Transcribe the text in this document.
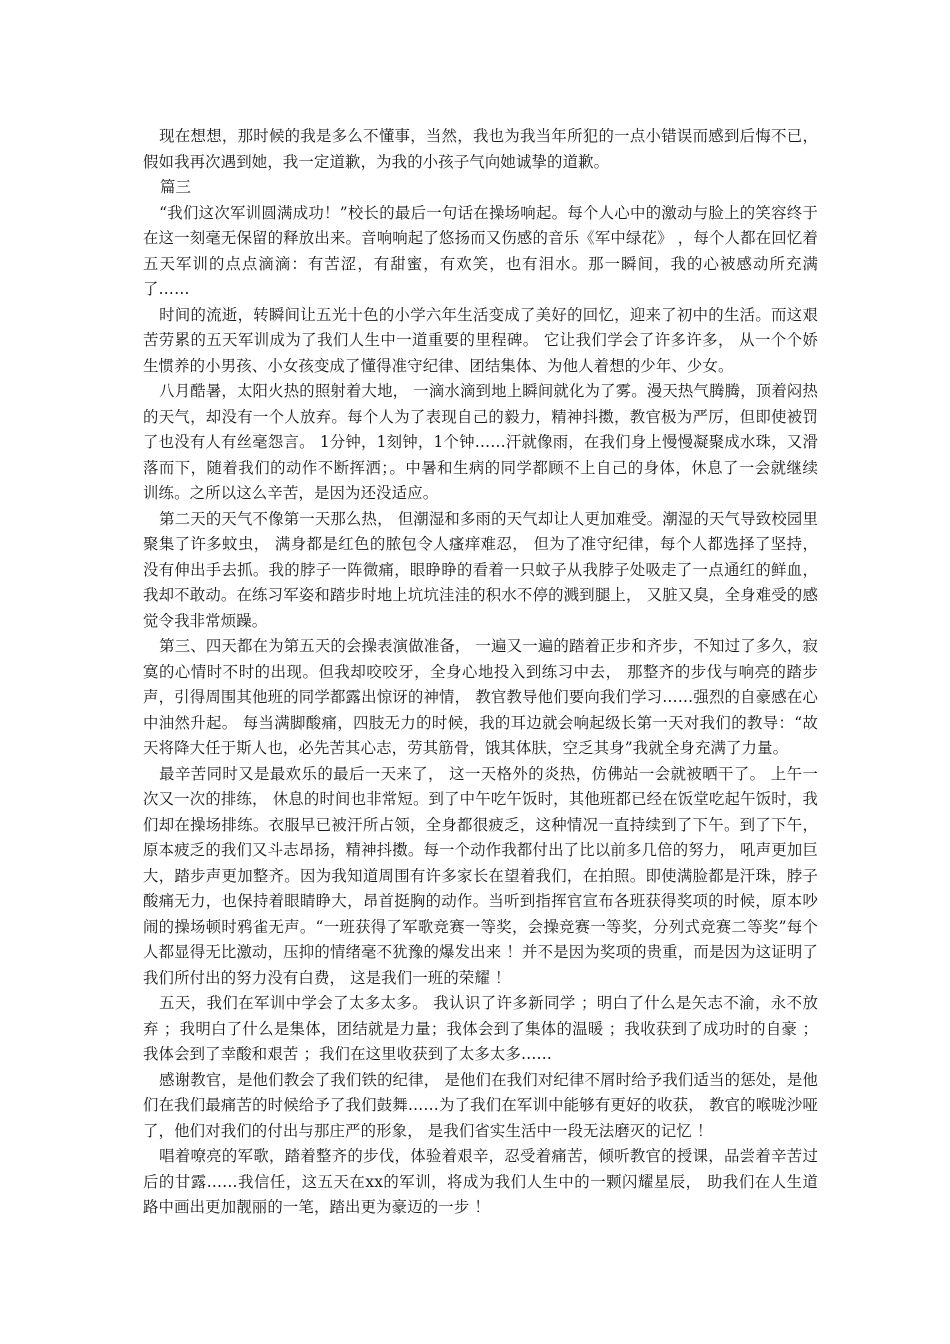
现在想想，那时候的我是多么不懂事，当然，我也为我当年所犯的一点小错误而感到后悔不已，假如我再次遇到她，我一定道歉，为我的小孩子气向她诚挚的道歉。

篇三

“我们这次军训圆满成功！”校长的最后一句话在操场响起。每个人心中的激动与脸上的笑容终于在这一刻毫无保留的释放出来。音响响起了悠扬而又伤感的音乐《军中绿花》 ，每个人都在回忆着五天军训的点点滴滴：有苦涩，有甜蜜，有欢笑，也有泪水。那一瞬间，我的心被感动所充满了……

时间的流逝，转瞬间让五光十色的小学六年生活变成了美好的回忆，迎来了初中的生活。而这艰苦劳累的五天军训成为了我们人生中一道重要的里程碑。 它让我们学会了许多许多， 从一个个娇生惯养的小男孩、小女孩变成了懂得准守纪律、团结集体、为他人着想的少年、少女。

八月酷暑，太阳火热的照射着大地， 一滴水滴到地上瞬间就化为了雾。漫天热气腾腾，顶着闷热的天气，却没有一个人放弃。每个人为了表现自己的毅力，精神抖擞，教官极为严厉，但即使被罚了也没有人有丝毫怨言。 1分钟，1刻钟，1个钟……汗就像雨，在我们身上慢慢凝聚成水珠，又滑落而下，随着我们的动作不断挥洒；。中暑和生病的同学都顾不上自己的身体，休息了一会就继续训练。之所以这么辛苦，是因为还没适应。

第二天的天气不像第一天那么热， 但潮湿和多雨的天气却让人更加难受。潮湿的天气导致校园里聚集了许多蚊虫， 满身都是红色的脓包令人瘙痒难忍， 但为了准守纪律，每个人都选择了坚持，没有伸出手去抓。我的脖子一阵微痛，眼睁睁的看着一只蚊子从我脖子处吸走了一点通红的鲜血， 我却不敢动。在练习军姿和踏步时地上坑坑洼洼的积水不停的溅到腿上， 又脏又臭，全身难受的感觉令我非常烦躁。

第三、四天都在为第五天的会操表演做准备， 一遍又一遍的踏着正步和齐步，不知过了多久，寂寞的心情时不时的出现。但我却咬咬牙，全身心地投入到练习中去， 那整齐的步伐与响亮的踏步声，引得周围其他班的同学都露出惊讶的神情， 教官教导他们要向我们学习……强烈的自豪感在心中油然升起。 每当满脚酸痛，四肢无力的时候，我的耳边就会响起级长第一天对我们的教导：“故天将降大任于斯人也，必先苦其心志，劳其筋骨，饿其体肤，空乏其身”我就全身充满了力量。

最辛苦同时又是最欢乐的最后一天来了， 这一天格外的炎热，仿佛站一会就被晒干了。 上午一次又一次的排练， 休息的时间也非常短。到了中午吃午饭时，其他班都已经在饭堂吃起午饭时，我们却在操场排练。衣服早已被汗所占领，全身都很疲乏，这种情况一直持续到了下午。到了下午，原本疲乏的我们又斗志昂扬，精神抖擞。每一个动作我都付出了比以前多几倍的努力， 吼声更加巨大，踏步声更加整齐。因为我知道周围有许多家长在望着我们，在拍照。即使满脸都是汗珠，脖子酸痛无力，也保持着眼睛睁大，昂首挺胸的动作。当听到指挥官宣布各班获得奖项的时候，原本吵闹的操场顿时鸦雀无声。“一班获得了军歌竞赛一等奖，会操竞赛一等奖，分列式竞赛二等奖”每个人都显得无比激动，压抑的情绪毫不犹豫的爆发出来 ！并不是因为奖项的贵重，而是因为这证明了我们所付出的努力没有白费， 这是我们一班的荣耀 ！

五天，我们在军训中学会了太多太多。 我认识了许多新同学 ；明白了什么是矢志不渝，永不放弃 ；我明白了什么是集体，团结就是力量；我体会到了集体的温暖 ；我收获到了成功时的自豪 ；我体会到了幸酸和艰苦 ；我们在这里收获到了太多太多……

感谢教官，是他们教会了我们铁的纪律， 是他们在我们对纪律不屑时给予我们适当的惩处，是他们在我们最痛苦的时候给予了我们鼓舞……为了我们在军训中能够有更好的收获， 教官的喉咙沙哑了，他们对我们的付出与那庄严的形象， 是我们省实生活中一段无法磨灭的记忆 ！

唱着嘹亮的军歌，踏着整齐的步伐，体验着艰辛，忍受着痛苦，倾听教官的授课，品尝着辛苦过后的甘露……我信任，这五天在xx的军训，将成为我们人生中的一颗闪耀星辰， 助我们在人生道路中画出更加靓丽的一笔，踏出更为豪迈的一步 ！
